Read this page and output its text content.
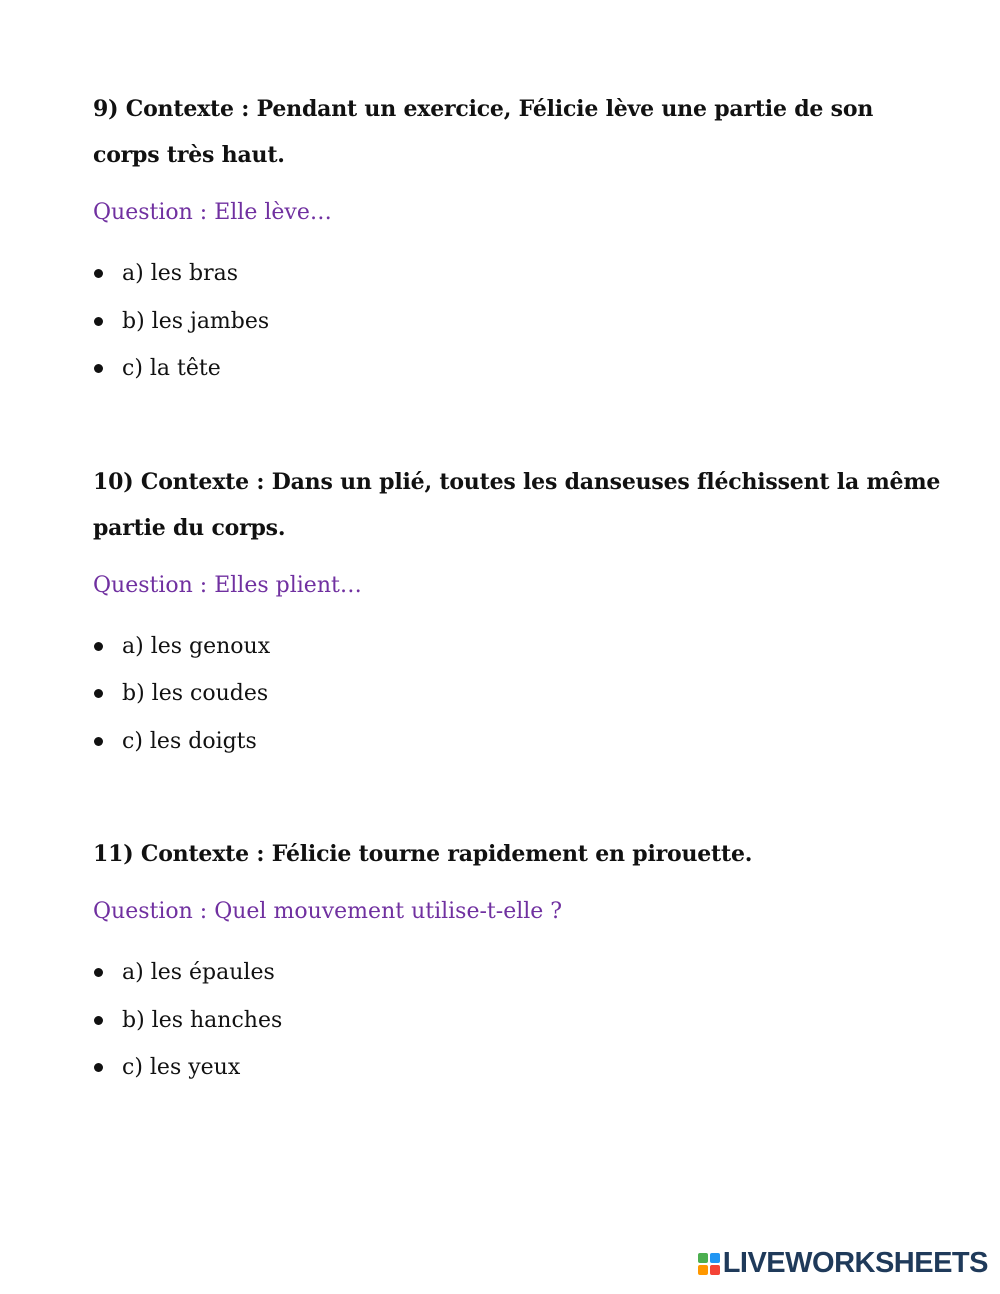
9) Contexte : Pendant un exercice, Félicie lève une partie de son corps très haut.

Question : Elle lève…

a) les bras
b) les jambes
c) la tête

10) Contexte : Dans un plié, toutes les danseuses fléchissent la même partie du corps.

Question : Elles plient…

a) les genoux
b) les coudes
c) les doigts

11) Contexte : Félicie tourne rapidement en pirouette.

Question : Quel mouvement utilise-t-elle ?

a) les épaules
b) les hanches
c) les yeux
LIVEWORKSHEETS
